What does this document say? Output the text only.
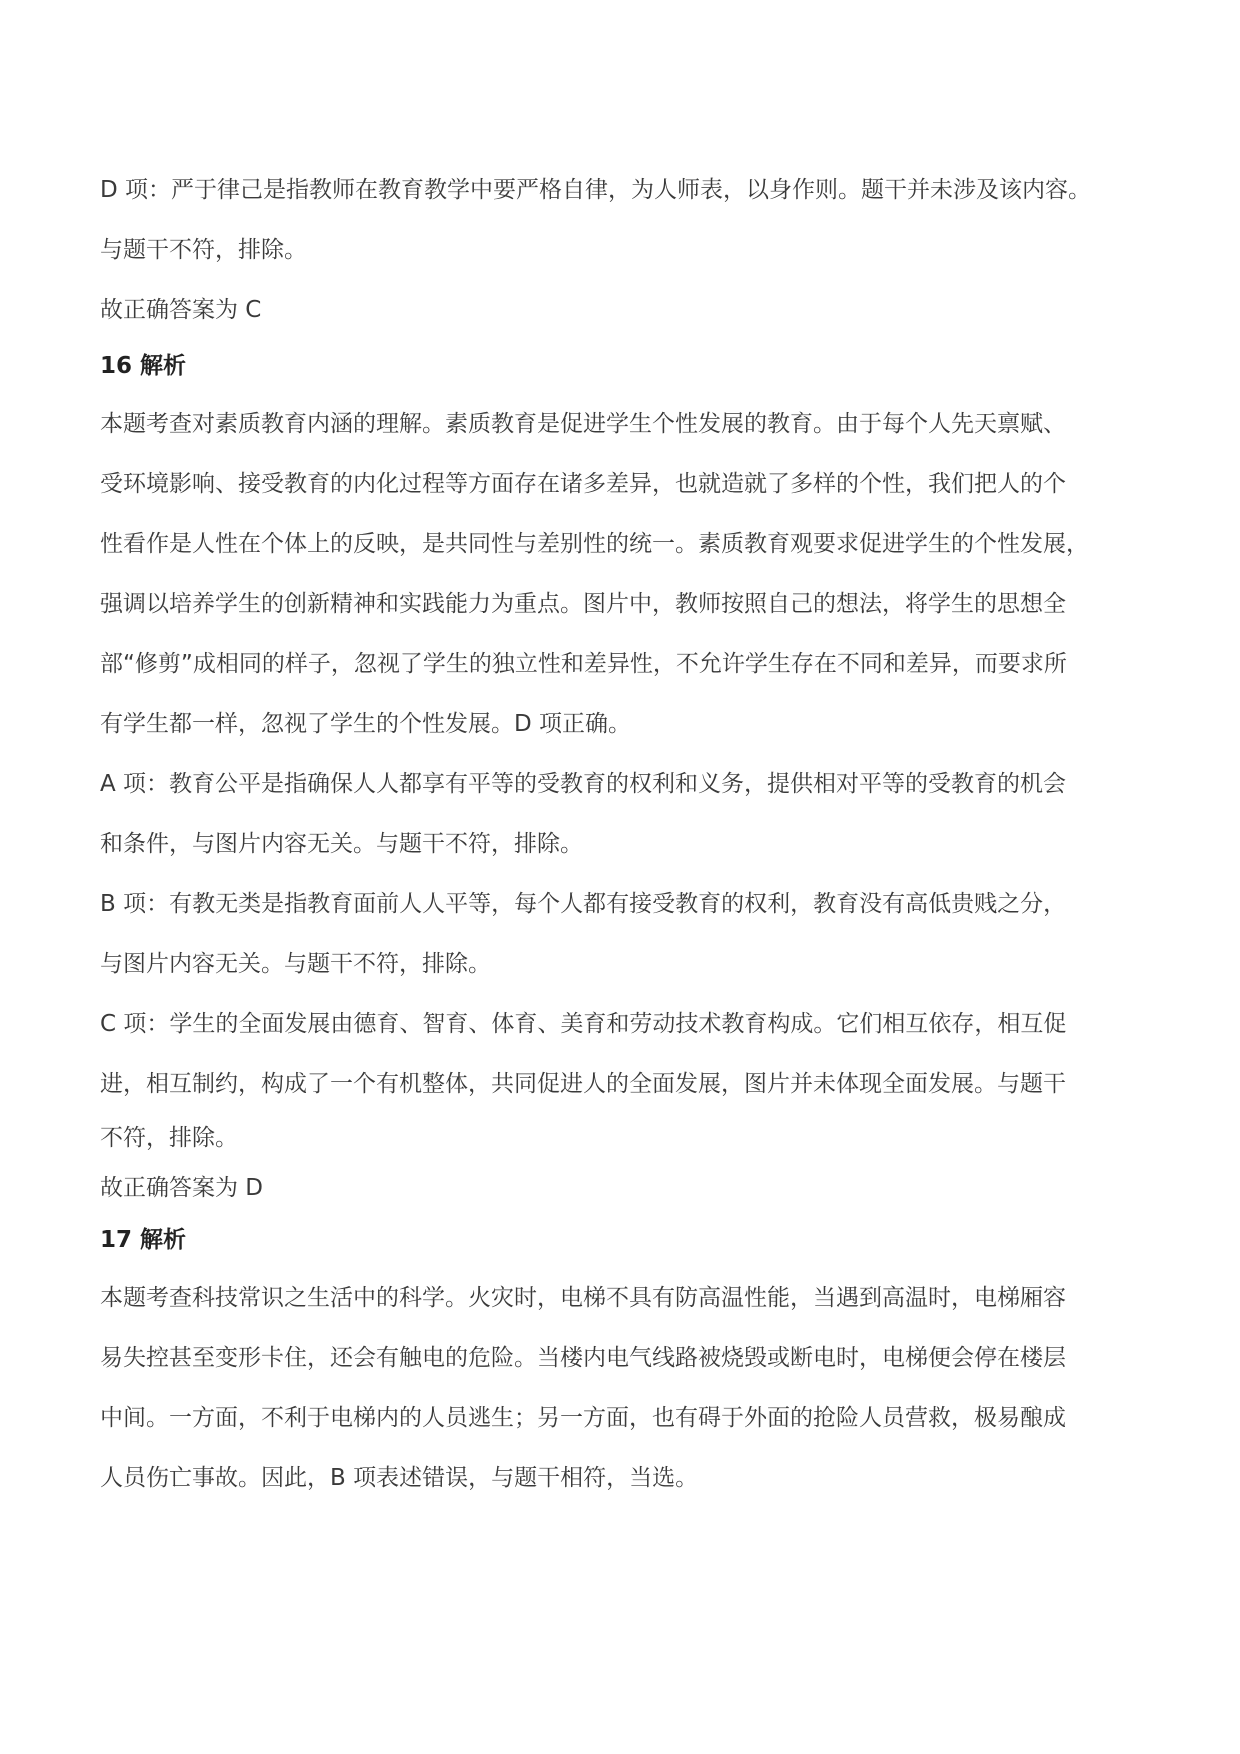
D 项：严于律己是指教师在教育教学中要严格自律，为人师表，以身作则。题干并未涉及该内容。
与题干不符，排除。
故正确答案为 C
16 解析
本题考查对素质教育内涵的理解。素质教育是促进学生个性发展的教育。由于每个人先天禀赋、
受环境影响、接受教育的内化过程等方面存在诸多差异，也就造就了多样的个性，我们把人的个
性看作是人性在个体上的反映，是共同性与差别性的统一。素质教育观要求促进学生的个性发展，
强调以培养学生的创新精神和实践能力为重点。图片中，教师按照自己的想法，将学生的思想全
部“修剪”成相同的样子，忽视了学生的独立性和差异性，不允许学生存在不同和差异，而要求所
有学生都一样，忽视了学生的个性发展。D 项正确。
A 项：教育公平是指确保人人都享有平等的受教育的权利和义务，提供相对平等的受教育的机会
和条件，与图片内容无关。与题干不符，排除。
B 项：有教无类是指教育面前人人平等，每个人都有接受教育的权利，教育没有高低贵贱之分，
与图片内容无关。与题干不符，排除。
C 项：学生的全面发展由德育、智育、体育、美育和劳动技术教育构成。它们相互依存，相互促
进，相互制约，构成了一个有机整体，共同促进人的全面发展，图片并未体现全面发展。与题干
不符，排除。
故正确答案为 D
17 解析
本题考查科技常识之生活中的科学。火灾时，电梯不具有防高温性能，当遇到高温时，电梯厢容
易失控甚至变形卡住，还会有触电的危险。当楼内电气线路被烧毁或断电时，电梯便会停在楼层
中间。一方面，不利于电梯内的人员逃生；另一方面，也有碍于外面的抢险人员营救，极易酿成
人员伤亡事故。因此，B 项表述错误，与题干相符，当选。
